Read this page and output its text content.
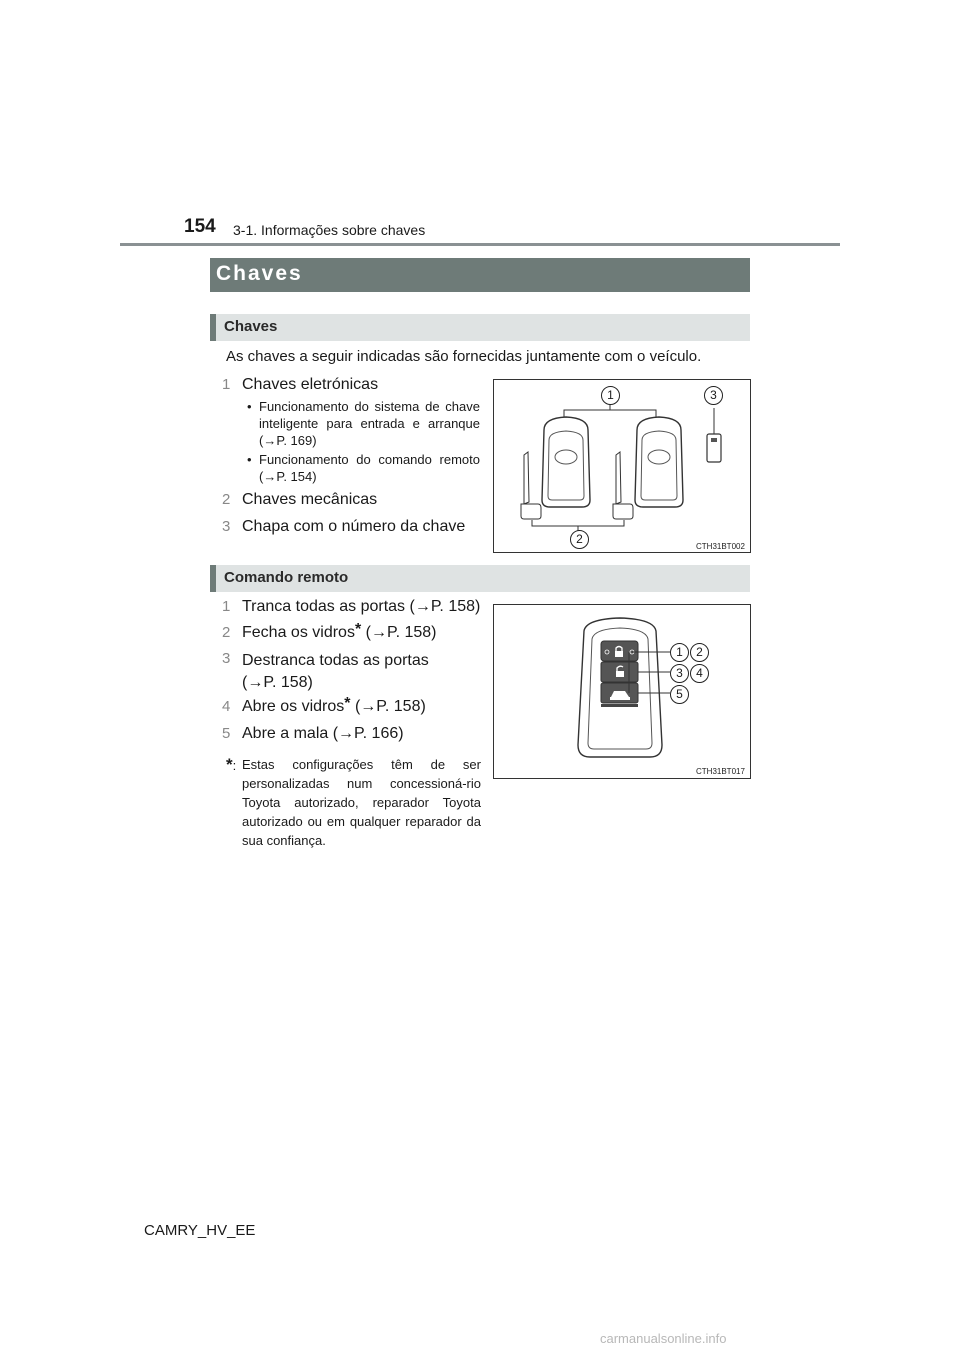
154 3-1. Informações sobre chaves
Chaves
Chaves
As chaves a seguir indicadas são fornecidas juntamente com o veículo.
1 Chaves eletrónicas
• Funcionamento do sistema de chave inteligente para entrada e arranque (→P. 169)
• Funcionamento do comando remoto (→P. 154)
2 Chaves mecânicas
3 Chapa com o número da chave
1	3
2
CTH31BT002
Comando remoto
1 Tranca todas as portas (→P. 158)
2 Fecha os vidros* (→P. 158)
3 Destranca todas as portas
(→P. 158)
4 Abre os vidros* (→P. 158)
5 Abre a mala (→P. 166)
*: Estas configurações têm de ser personalizadas num concessioná-rio Toyota autorizado, reparador Toyota autorizado ou em qualquer reparador da sua confiança.
1	2
3	4
5
CTH31BT017
CAMRY_HV_EE
carmanualsonline.info
